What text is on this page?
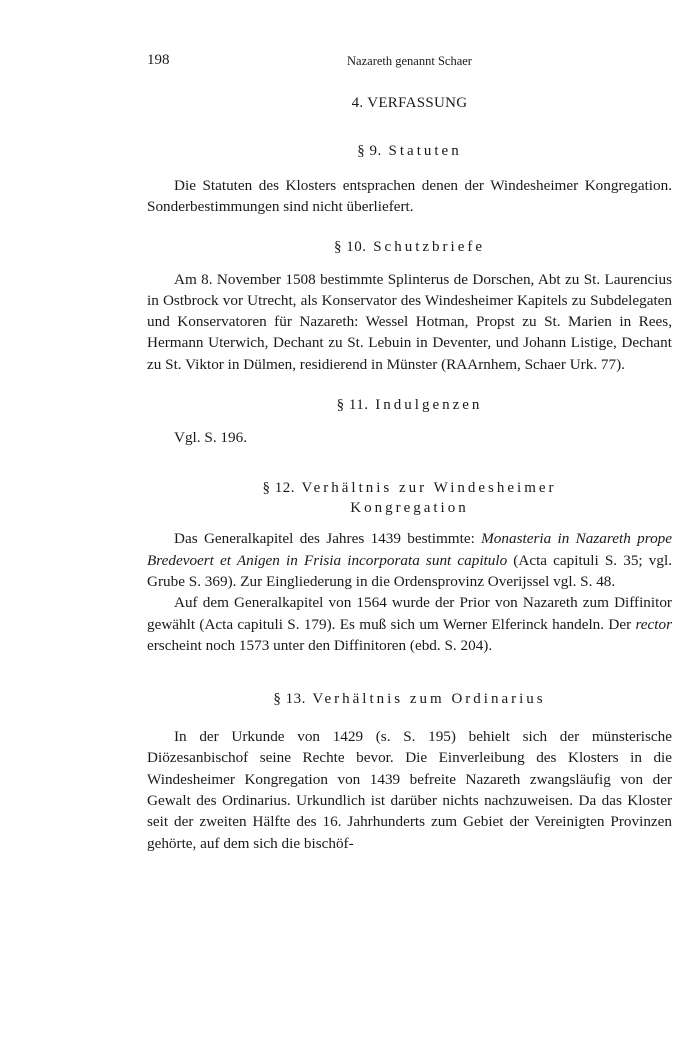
198	Nazareth genannt Schaer
4. VERFASSUNG
§ 9. Statuten

Die Statuten des Klosters entsprachen denen der Windesheimer Kongregation. Sonderbestimmungen sind nicht überliefert.

§ 10. Schutzbriefe

Am 8. November 1508 bestimmte Splinterus de Dorschen, Abt zu St. Laurencius in Ostbrock vor Utrecht, als Konservator des Windesheimer Kapitels zu Subdelegaten und Konservatoren für Nazareth: Wessel Hotman, Propst zu St. Marien in Rees, Hermann Uterwich, Dechant zu St. Lebuin in Deventer, und Johann Listige, Dechant zu St. Viktor in Dülmen, residierend in Münster (RAArnhem, Schaer Urk. 77).

§ 11. Indulgenzen

Vgl. S. 196.

§ 12. Verhältnis zur Windesheimer
Kongregation

Das Generalkapitel des Jahres 1439 bestimmte: Monasteria in Nazareth prope Bredevoert et Anigen in Frisia incorporata sunt capitulo (Acta capituli S. 35; vgl. Grube S. 369). Zur Eingliederung in die Ordensprovinz Overijssel vgl. S. 48.

Auf dem Generalkapitel von 1564 wurde der Prior von Nazareth zum Diffinitor gewählt (Acta capituli S. 179). Es muß sich um Werner Elferinck handeln. Der rector erscheint noch 1573 unter den Diffinitoren (ebd. S. 204).

§ 13. Verhältnis zum Ordinarius

In der Urkunde von 1429 (s. S. 195) behielt sich der münsterische Diözesanbischof seine Rechte bevor. Die Einverleibung des Klosters in die Windesheimer Kongregation von 1439 befreite Nazareth zwangsläufig von der Gewalt des Ordinarius. Urkundlich ist darüber nichts nachzuweisen. Da das Kloster seit der zweiten Hälfte des 16. Jahrhunderts zum Gebiet der Vereinigten Provinzen gehörte, auf dem sich die bischöf-
